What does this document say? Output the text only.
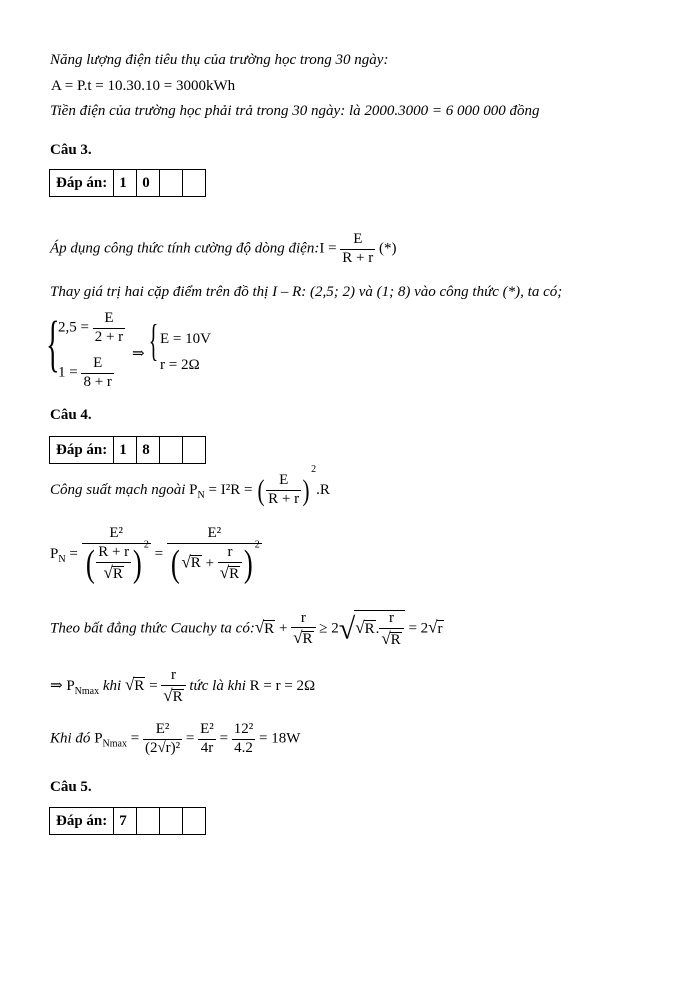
Năng lượng điện tiêu thụ của trường học trong 30 ngày:
A = P.t = 10.30.10 = 3000kWh
Tiền điện của trường học phải trả trong 30 ngày: là 2000.3000 = 6 000 000 đồng
Câu 3.
Đáp án:	1	0		
Áp dụng công thức tính cường độ dòng điện:I = $\frac{E}{R + r}$ (*)
Thay giá trị hai cặp điểm trên đồ thị I – R: (2,5; 2) và (1; 8) vào công thức (*), ta có;
{
$2,5 = \frac{E}{2 + r}$
$1 = \frac{E}{8 + r}$
⇒ { E = 10V
r = 2Ω
Câu 4.
Đáp án:	1	8		
Công suất mạch ngoài $P_N = I^2R$ = ( $\frac{E}{R + r} )^2.R$
$P_N = \frac{\text{E²}}{( \frac{R + r}{√R} ) ^2} = \frac{\text{E²}}{( √R + \frac{r}{√R} ) ^2}$
Theo bất đẳng thức Cauchy ta có:√R + $\frac{r}{√R} \ge 2√√R$. $\frac{r}{√R} = 2√r$
⇒ $P_{Nmax}$ khi $√R = \frac{r}{√R}$ tức là khi R = r = 2Ω
Khi đó $P_{Nmax} = \frac{\text{E²}}{\text{(2√r)²}} = \frac{\text{E²}}{4r} = \frac{\text{12²}}{4.2} = 18W$
Câu 5.
Đáp án:	7			
